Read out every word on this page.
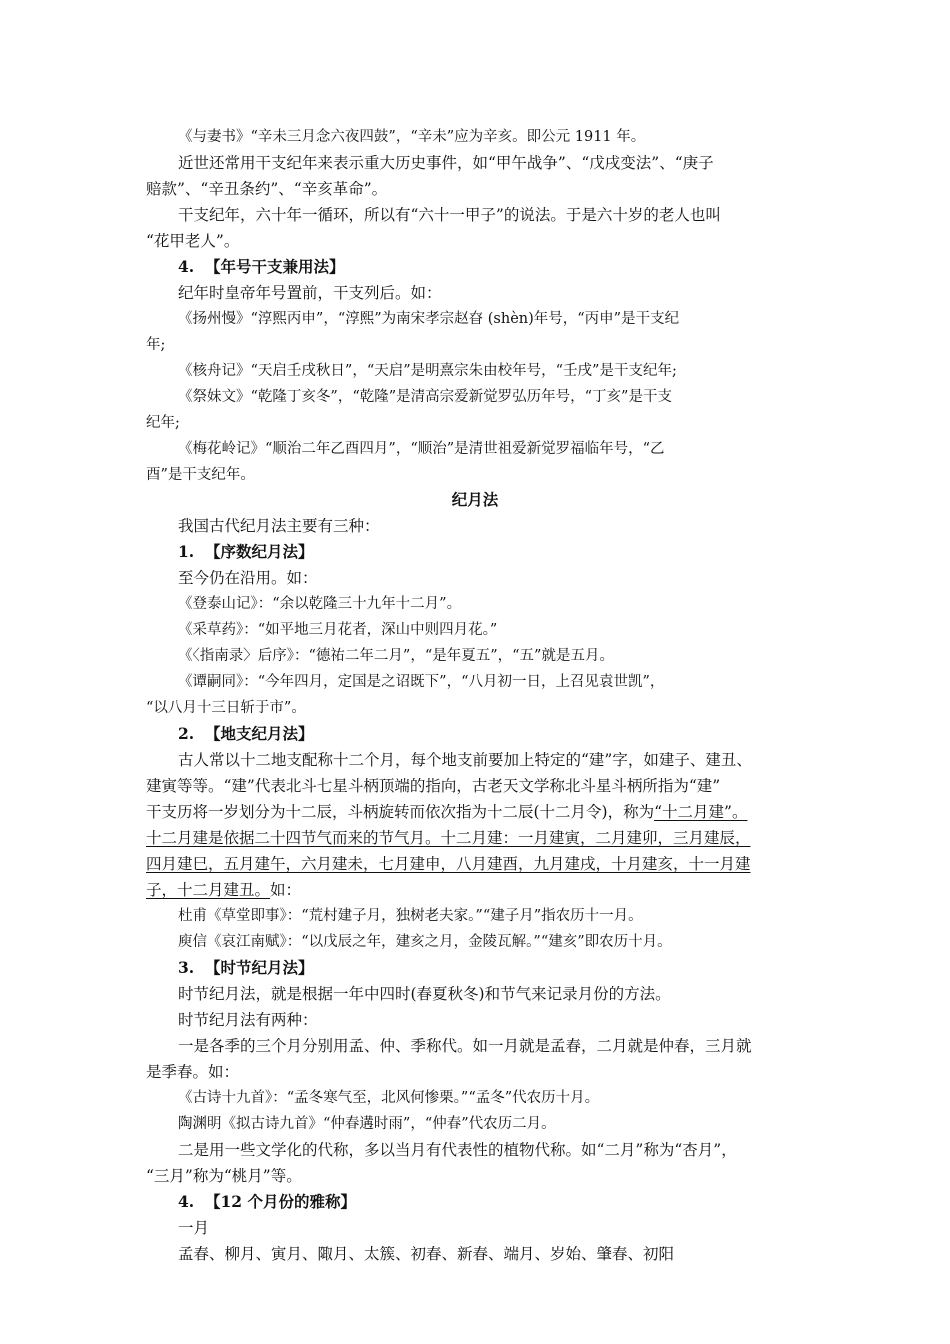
《与妻书》“辛未三月念六夜四鼓”，“辛未”应为辛亥。即公元 1911 年。
近世还常用干支纪年来表示重大历史事件，如“甲午战争”、“戊戌变法”、“庚子
赔款”、“辛丑条约”、“辛亥革命”。
干支纪年，六十年一循环，所以有“六十一甲子”的说法。于是六十岁的老人也叫
“花甲老人”。
4. 【年号干支兼用法】
纪年时皇帝年号置前，干支列后。如：
《扬州慢》“淳熙丙申”，“淳熙”为南宋孝宗赵昚 (shèn)年号，“丙申”是干支纪
年;
《核舟记》“天启壬戌秋日”，“天启”是明熹宗朱由校年号，“壬戌”是干支纪年;
《祭妹文》“乾隆丁亥冬”，“乾隆”是清高宗爱新觉罗弘历年号，“丁亥”是干支
纪年;
《梅花岭记》“顺治二年乙酉四月”，“顺治”是清世祖爱新觉罗福临年号，“乙
酉”是干支纪年。
纪月法
我国古代纪月法主要有三种：
1. 【序数纪月法】
至今仍在沿用。如：
《登泰山记》：“余以乾隆三十九年十二月”。
《采草药》：“如平地三月花者，深山中则四月花。”
《〈指南录〉后序》：“德祐二年二月”，“是年夏五”，“五”就是五月。
《谭嗣同》：“今年四月，定国是之诏既下”，“八月初一日，上召见袁世凯”，
“以八月十三日斩于市”。
2. 【地支纪月法】
古人常以十二地支配称十二个月，每个地支前要加上特定的“建”字，如建子、建丑、
建寅等等。“建”代表北斗七星斗柄顶端的指向，古老天文学称北斗星斗柄所指为“建”
干支历将一岁划分为十二辰，斗柄旋转而依次指为十二辰(十二月令)，称为“十二月建”。
十二月建是依据二十四节气而来的节气月。十二月建：一月建寅，二月建卯，三月建辰，
四月建巳，五月建午，六月建未，七月建申，八月建酉，九月建戌，十月建亥，十一月建
子，十二月建丑。如：
杜甫《草堂即事》：“荒村建子月，独树老夫家。”“建子月”指农历十一月。
庾信《哀江南赋》：“以戊辰之年，建亥之月，金陵瓦解。”“建亥”即农历十月。
3. 【时节纪月法】
时节纪月法，就是根据一年中四时(春夏秋冬)和节气来记录月份的方法。
时节纪月法有两种：
一是各季的三个月分别用孟、仲、季称代。如一月就是孟春，二月就是仲春，三月就
是季春。如：
《古诗十九首》：“孟冬寒气至，北风何惨栗。”“孟冬”代农历十月。
陶渊明《拟古诗九首》“仲春遘时雨”，“仲春”代农历二月。
二是用一些文学化的代称，多以当月有代表性的植物代称。如“二月”称为“杏月”，
“三月”称为“桃月”等。
4. 【12 个月份的雅称】
一月
孟春、柳月、寅月、陬月、太簇、初春、新春、端月、岁始、肇春、初阳
